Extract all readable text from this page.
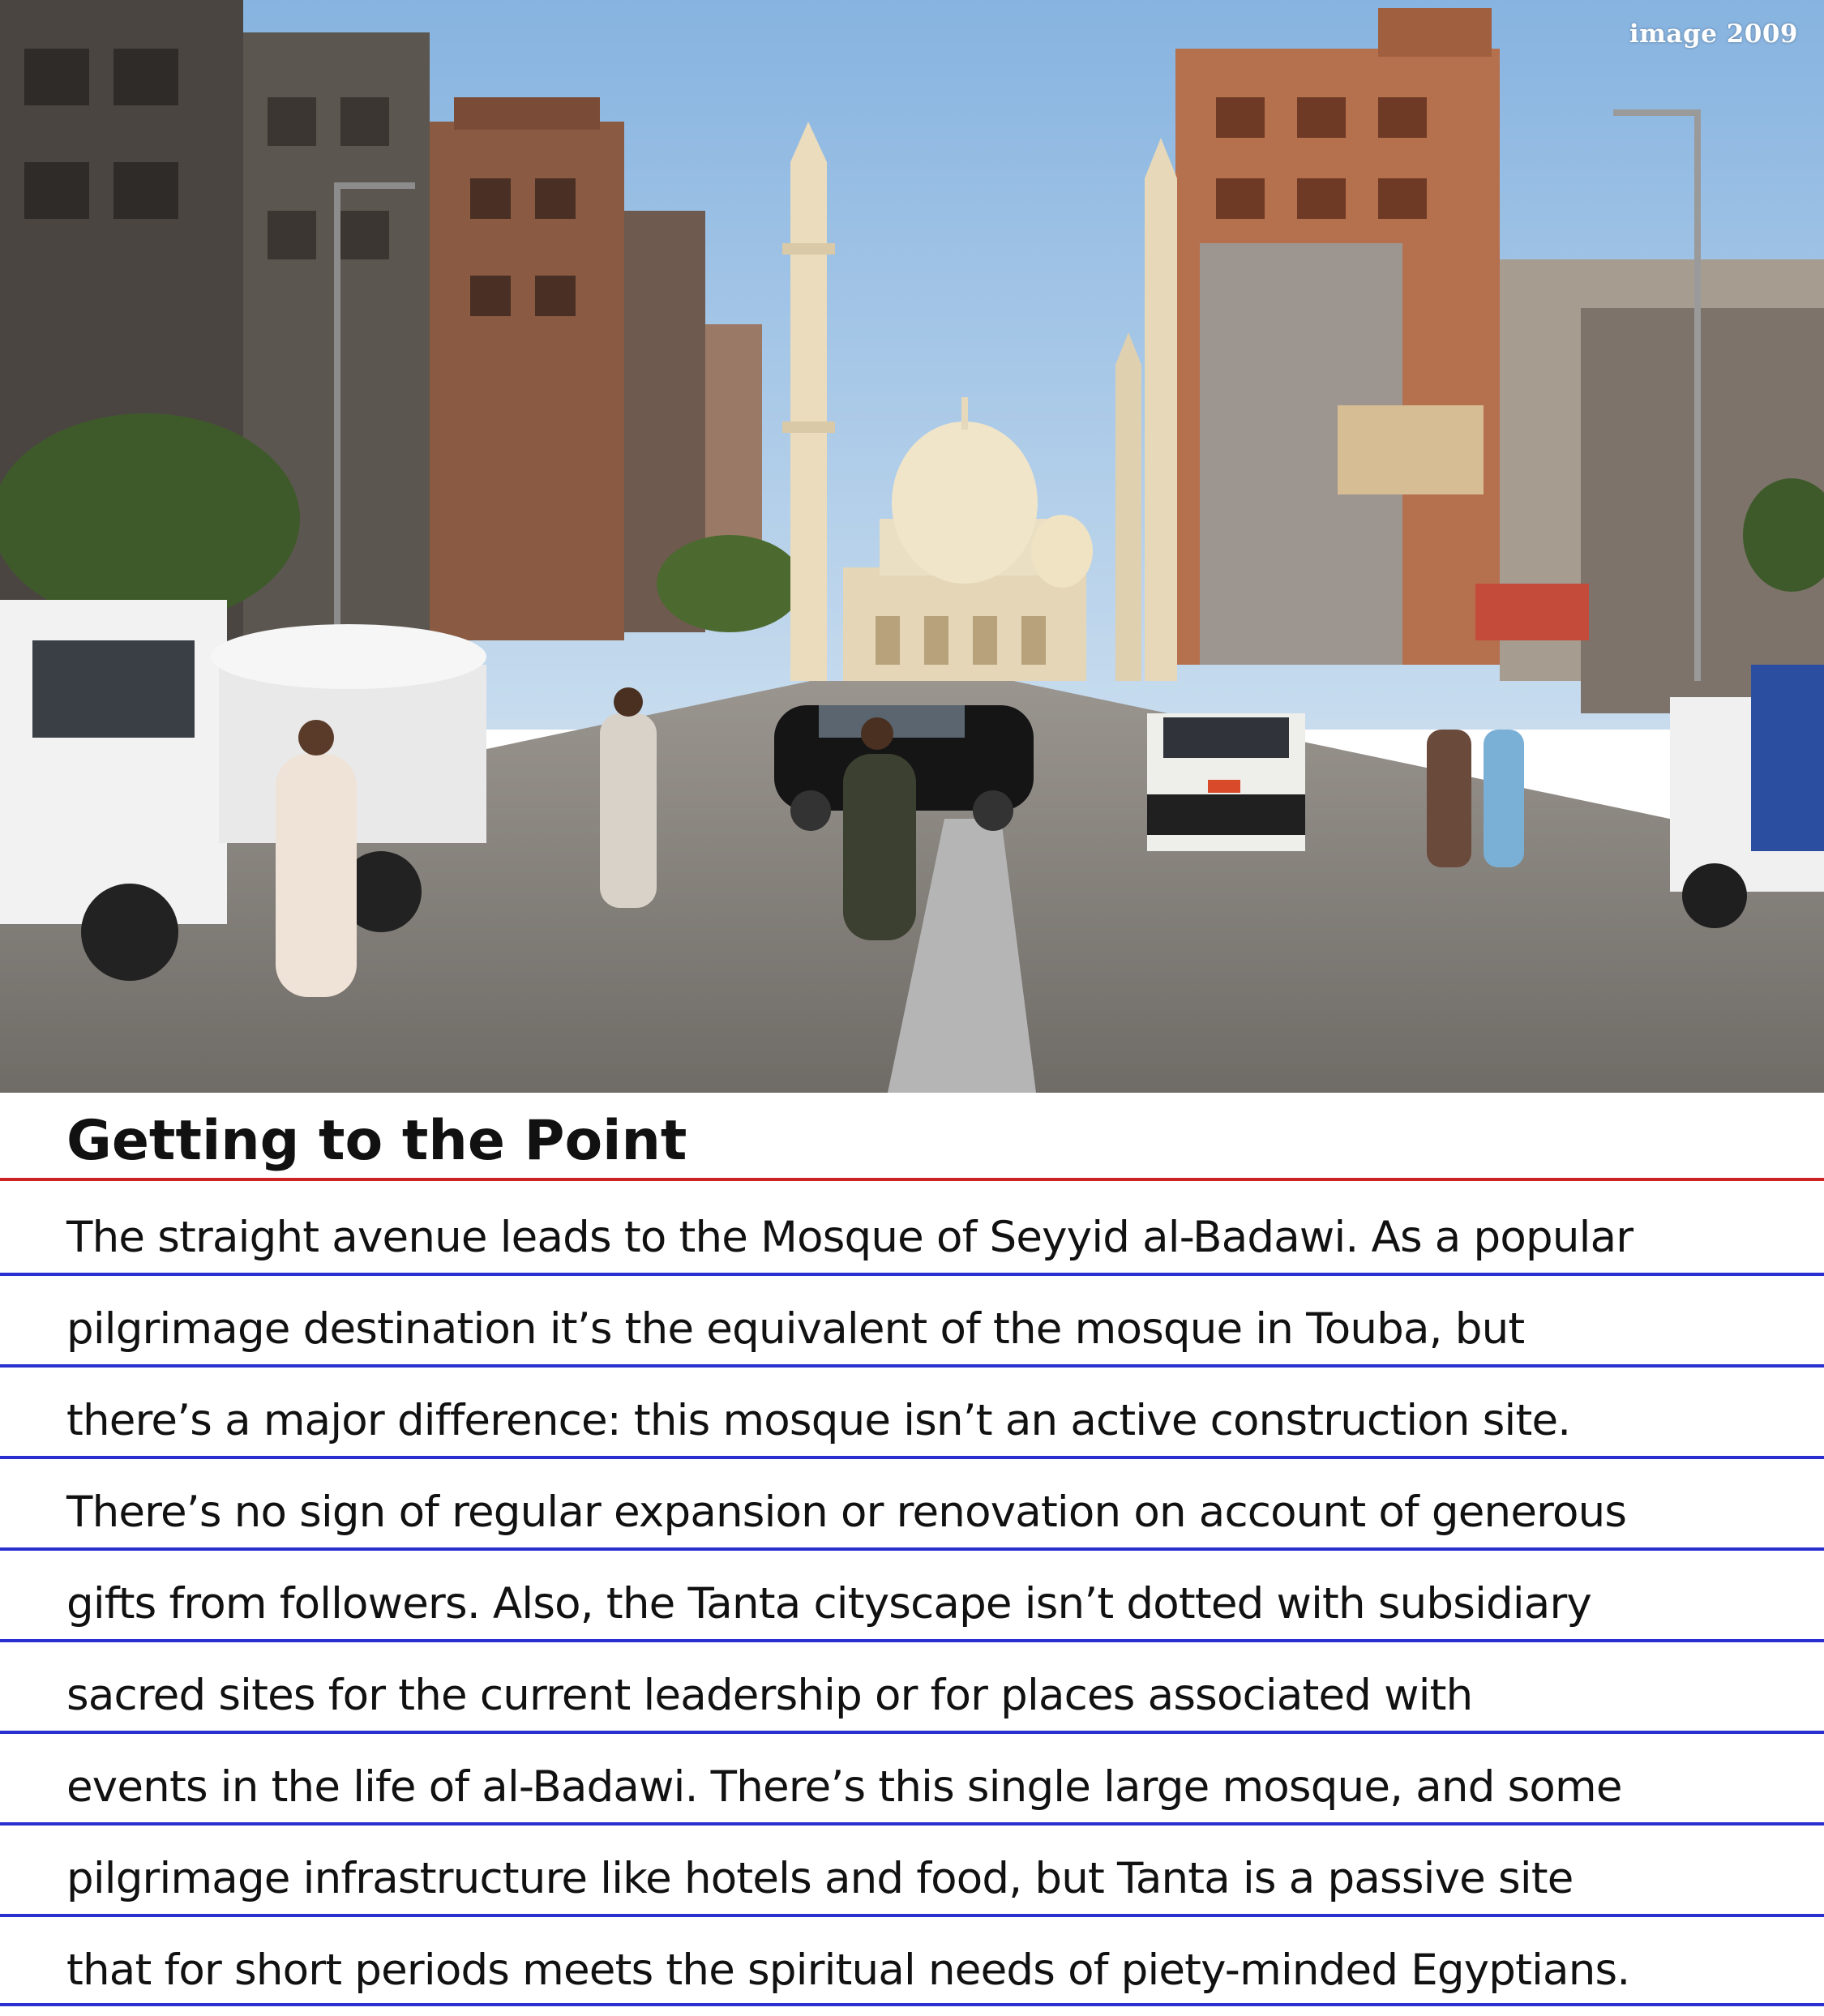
image 2009
Getting to the Point
The straight avenue leads to the Mosque of Seyyid al-Badawi. As a popular
pilgrimage destination it’s the equivalent of the mosque in Touba, but
there’s a major difference: this mosque isn’t an active construction site.
There’s no sign of regular expansion or renovation on account of generous
gifts from followers. Also, the Tanta cityscape isn’t dotted with subsidiary
sacred sites for the current leadership or for places associated with
events in the life of al-Badawi. There’s this single large mosque, and some
pilgrimage infrastructure like hotels and food, but Tanta is a passive site
that for short periods meets the spiritual needs of piety-minded Egyptians.
